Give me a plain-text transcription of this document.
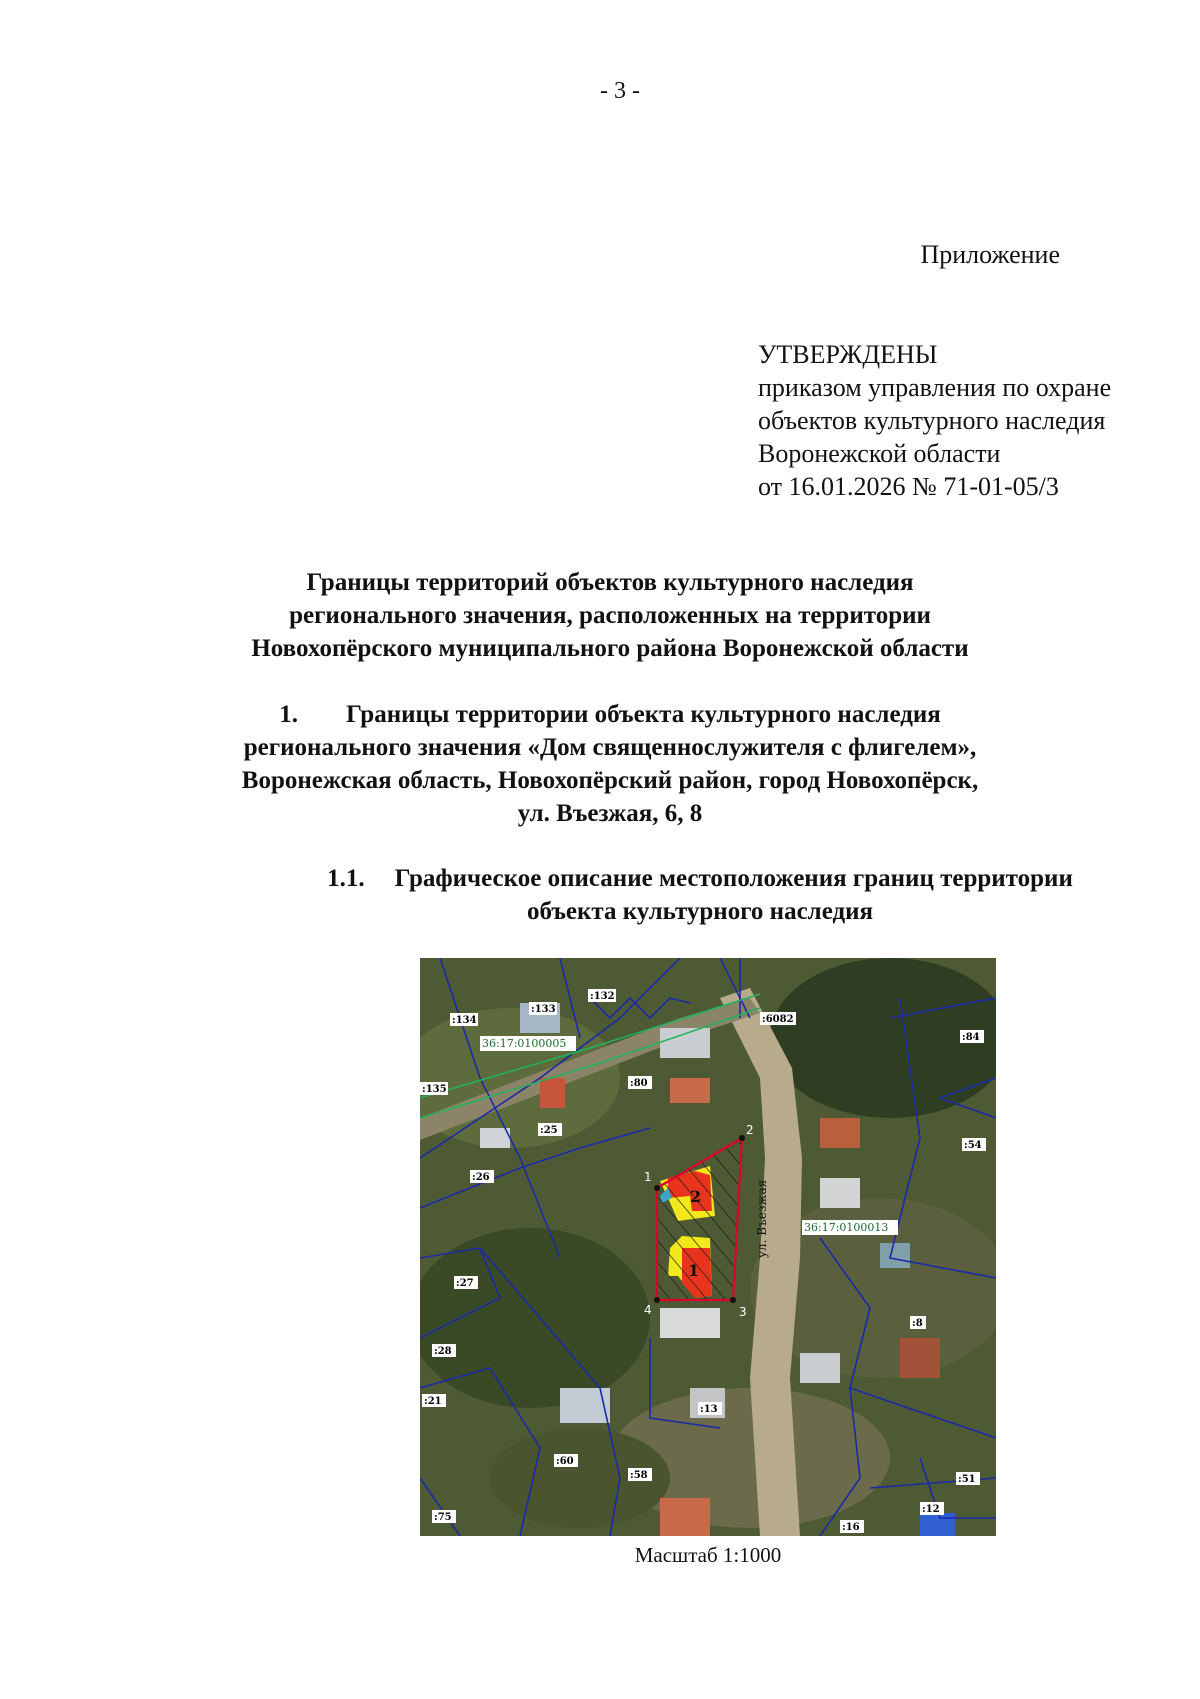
- 3 -
Приложение
УТВЕРЖДЕНЫ
приказом управления по охране
объектов культурного наследия
Воронежской области
от 16.01.2026 № 71-01-05/3
Границы территорий объектов культурного наследия
регионального значения, расположенных на территории
Новохопёрского муниципального района Воронежской области
1. Границы территории объекта культурного наследия
регионального значения «Дом священнослужителя с флигелем»,
Воронежская область, Новохопёрский район, город Новохопёрск,
ул. Въезжая, 6, 8
1.1. Графическое описание местоположения границ территории
объекта культурного наследия
1
2
3
4
1
2	ул. Въезжая
36:17:0100005
36:17:0100013
:134
:133
:132
:6082
:84
:135
:80
:25
:54
:26
:27
:8
:28
:21
:13
:60
:58	:51
:75
:12
:16
Масштаб 1:1000
